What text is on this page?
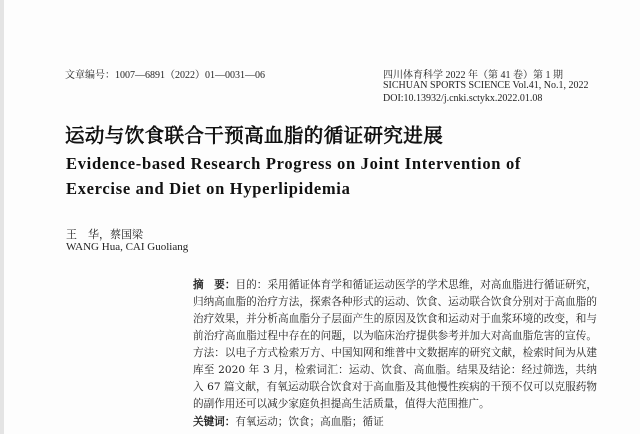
文章编号：1007—6891（2022）01—0031—06	四川体育科学 2022 年（第 41 卷）第 1 期
SICHUAN SPORTS SCIENCE Vol.41, No.1, 2022
DOI:10.13932/j.cnki.sctykx.2022.01.08
运动与饮食联合干预高血脂的循证研究进展
Evidence-based Research Progress on Joint Intervention of
Exercise and Diet on Hyperlipidemia
王　华，蔡国梁
WANG Hua, CAI Guoliang
摘　要：目的：采用循证体育学和循证运动医学的学术思维，对高血脂进行循证研究，归纳高血脂的治疗方法，探索各种形式的运动、饮食、运动联合饮食分别对于高血脂的治疗效果，并分析高血脂分子层面产生的原因及饮食和运动对于血浆环境的改变，和与前治疗高血脂过程中存在的问题，以为临床治疗提供参考并加大对高血脂危害的宣传。方法：以电子方式检索万方、中国知网和维普中文数据库的研究文献，检索时间为从建库至 2020 年 3 月，检索词汇：运动、饮食、高血脂。结果及结论：经过筛选，共纳入 67 篇文献，有氧运动联合饮食对于高血脂及其他慢性疾病的干预不仅可以克服药物的副作用还可以减少家庭负担提高生活质量，值得大范围推广。
关键词：有氧运动；饮食；高血脂；循证
